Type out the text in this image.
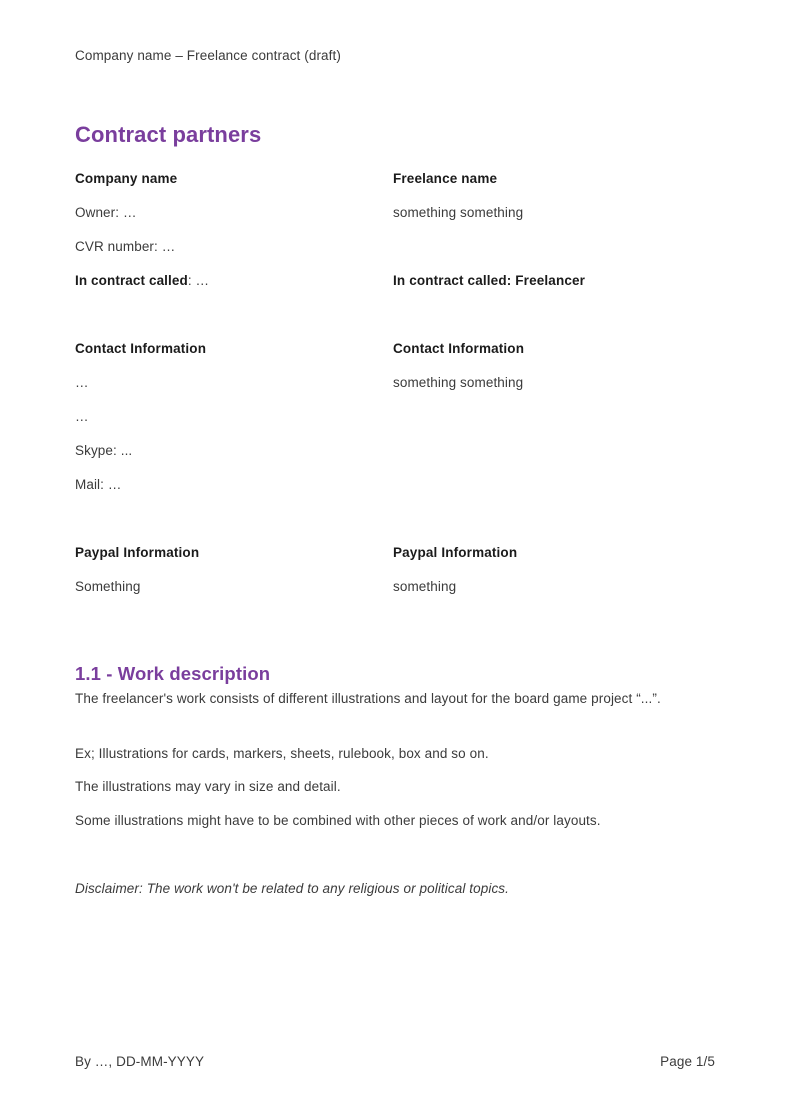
Company name – Freelance contract (draft)
Contract partners
Company name	Freelance name
Owner: …	something something
CVR number: …
In contract called: …	In contract called: Freelancer
Contact Information	Contact Information
…	something something
…
Skype: ...
Mail: …
Paypal Information	Paypal Information
Something	something
1.1 - Work description

The freelancer's work consists of different illustrations and layout for the board game project “...”.

Ex; Illustrations for cards, markers, sheets, rulebook, box and so on.

The illustrations may vary in size and detail.

Some illustrations might have to be combined with other pieces of work and/or layouts.

Disclaimer: The work won't be related to any religious or political topics.

By …, DD-MM-YYYY	Page 1/5
